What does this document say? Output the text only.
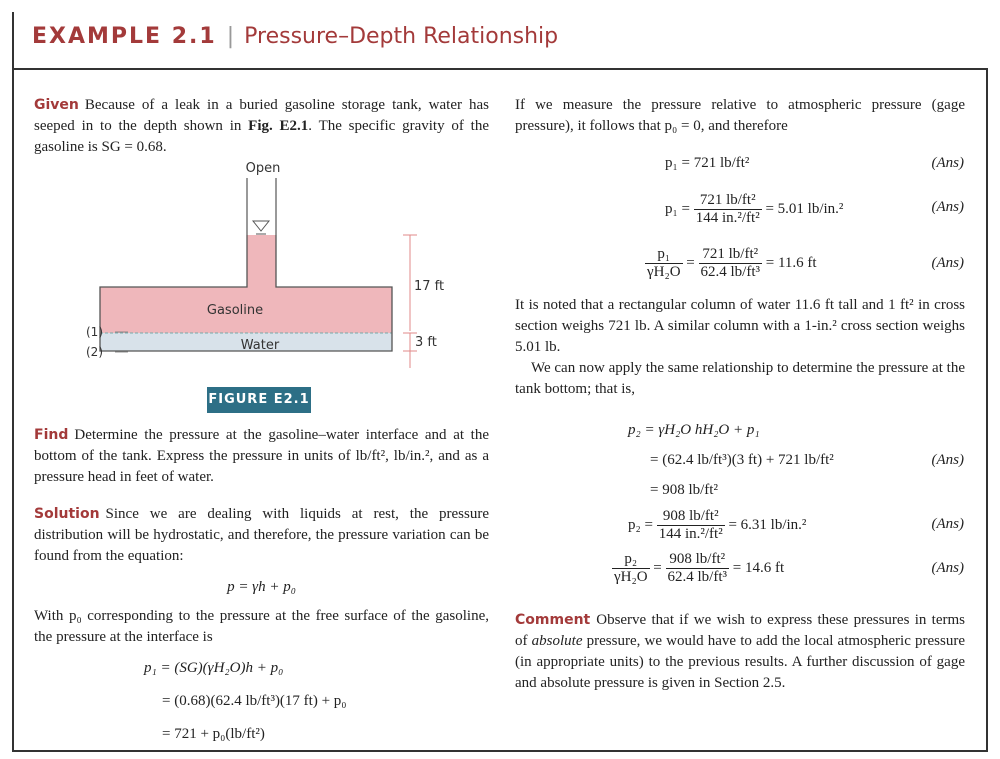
EXAMPLE 2.1 | Pressure–Depth Relationship

Given Because of a leak in a buried gasoline storage tank, water has seeped in to the depth shown in Fig. E2.1. The specific gravity of the gasoline is SG = 0.68.

Open
Gasoline
Water
17 ft
3 ft
(1)
(2)
FIGURE E2.1

Find Determine the pressure at the gasoline–water interface and at the bottom of the tank. Express the pressure in units of lb/ft², lb/in.², and as a pressure head in feet of water.

Solution Since we are dealing with liquids at rest, the pressure distribution will be hydrostatic, and therefore, the pressure variation can be found from the equation:

p = γh + p₀

With p₀ corresponding to the pressure at the free surface of the gasoline, the pressure at the interface is

p₁ = (SG)(γH₂O)h + p₀
= (0.68)(62.4 lb/ft³)(17 ft) + p₀
= 721 + p₀(lb/ft²)

If we measure the pressure relative to atmospheric pressure (gage pressure), it follows that p₀ = 0, and therefore

p₁ = 721 lb/ft²	(Ans)
$p_1 = \frac{\text{721 lb/ft²}}{\text{144 in.²/ft²}} = 5.01$ lb/in.²	(Ans)
$\frac{\text{p₁}}{\text{γH₂O}} = \frac{\text{721 lb/ft²}}{\text{62.4 lb/ft³}} = 11.6$ ft	(Ans)

It is noted that a rectangular column of water 11.6 ft tall and 1 ft² in cross section weighs 721 lb. A similar column with a 1-in.² cross section weighs 5.01 lb.

We can now apply the same relationship to determine the pressure at the tank bottom; that is,

p₂ = γH₂O hH₂O + p₁
= (62.4 lb/ft³)(3 ft) + 721 lb/ft²	(Ans)
= 908 lb/ft²
$p_2 = \frac{\text{908 lb/ft²}}{\text{144 in.²/ft²}} = 6.31$ lb/in.²	(Ans)
$\frac{\text{p₂}}{\text{γH₂O}} = \frac{\text{908 lb/ft²}}{\text{62.4 lb/ft³}} = 14.6$ ft	(Ans)

Comment Observe that if we wish to express these pressures in terms of absolute pressure, we would have to add the local atmospheric pressure (in appropriate units) to the previous results. A further discussion of gage and absolute pressure is given in Section 2.5.
